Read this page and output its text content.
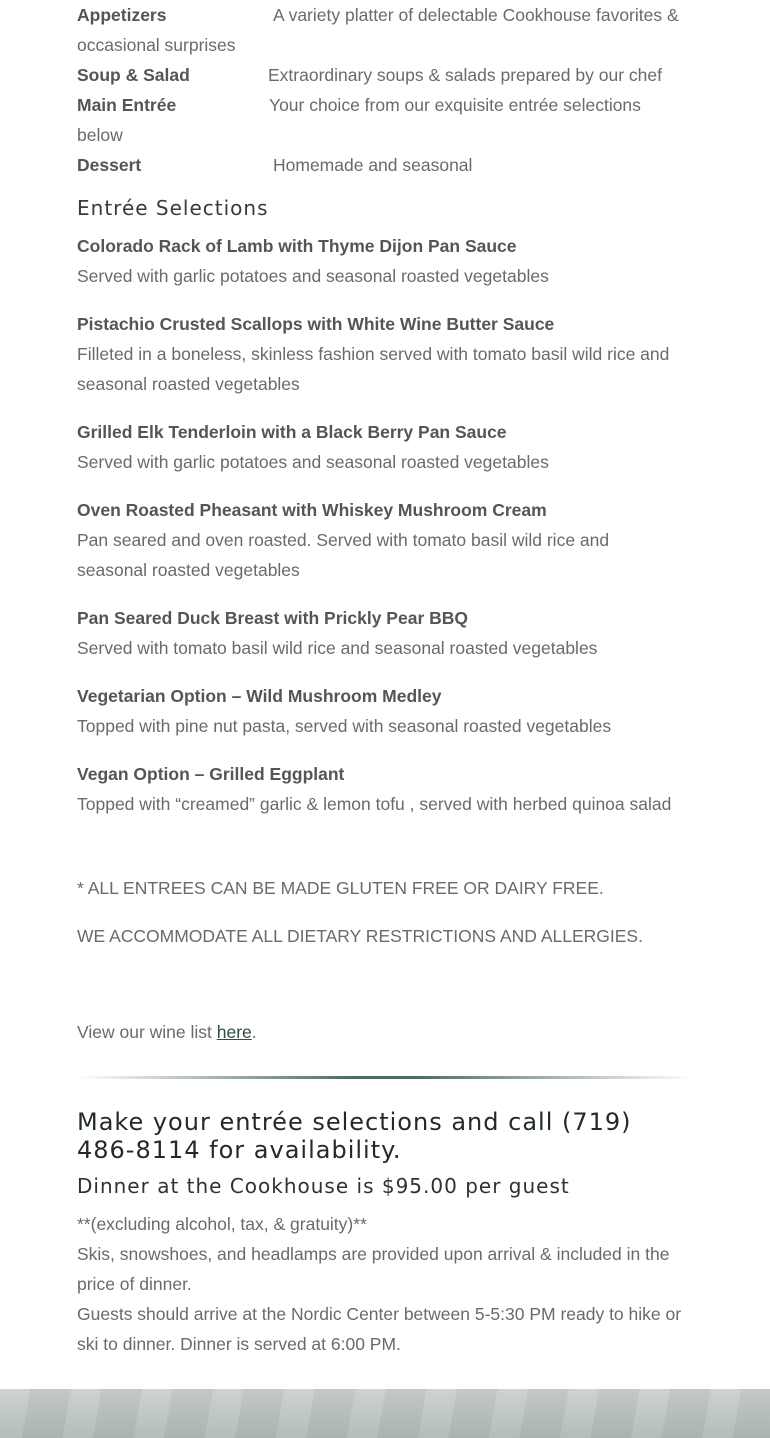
Appetizers	A variety platter of delectable Cookhouse favorites &
occasional surprises
Soup & Salad	Extraordinary soups & salads prepared by our chef
Main Entrée	Your choice from our exquisite entrée selections
below
Dessert	Homemade and seasonal
Entrée Selections
Colorado Rack of Lamb with Thyme Dijon Pan Sauce
Served with garlic potatoes and seasonal roasted vegetables
Pistachio Crusted Scallops with White Wine Butter Sauce
Filleted in a boneless, skinless fashion served with tomato basil wild rice and seasonal roasted vegetables
Grilled Elk Tenderloin with a Black Berry Pan Sauce
Served with garlic potatoes and seasonal roasted vegetables
Oven Roasted Pheasant with Whiskey Mushroom Cream
Pan seared and oven roasted. Served with tomato basil wild rice and seasonal roasted vegetables
Pan Seared Duck Breast with Prickly Pear BBQ
Served with tomato basil wild rice and seasonal roasted vegetables
Vegetarian Option – Wild Mushroom Medley
Topped with pine nut pasta, served with seasonal roasted vegetables
Vegan Option – Grilled Eggplant
Topped with “creamed” garlic & lemon tofu , served with herbed quinoa salad
* ALL ENTREES CAN BE MADE GLUTEN FREE OR DAIRY FREE.
WE ACCOMMODATE ALL DIETARY RESTRICTIONS AND ALLERGIES.
View our wine list here.
Make your entrée selections and call (719) 486-8114 for availability.
Dinner at the Cookhouse is $95.00 per guest

**(excluding alcohol, tax, & gratuity)**

Skis, snowshoes, and headlamps are provided upon arrival & included in the price of dinner.

Guests should arrive at the Nordic Center between 5-5:30 PM ready to hike or ski to dinner. Dinner is served at 6:00 PM.
